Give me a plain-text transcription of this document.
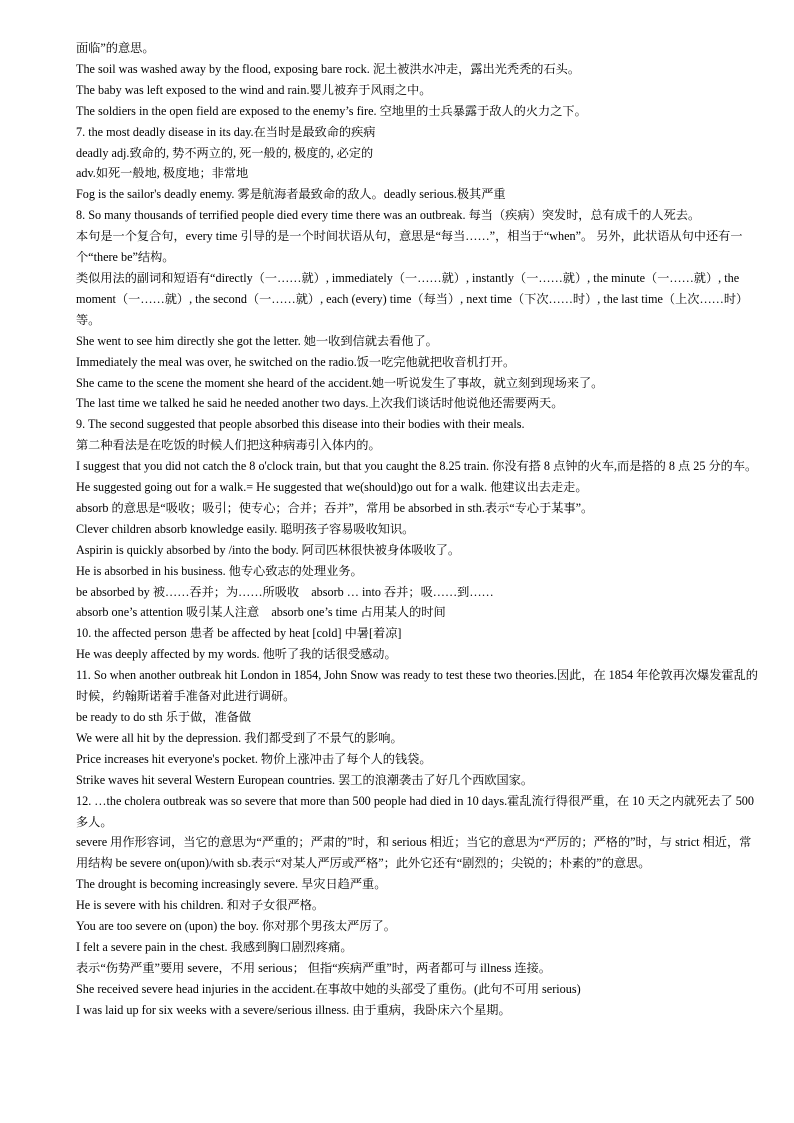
面临”的意思。

The soil was washed away by the flood, exposing bare rock. 泥土被洪水冲走，露出光秃秃的石头。

The baby was left exposed to the wind and rain.婴儿被弃于风雨之中。

The soldiers in the open field are exposed to the enemy’s fire. 空地里的士兵暴露于敌人的火力之下。

7. the most deadly disease in its day.在当时是最致命的疾病

deadly adj.致命的, 势不两立的, 死一般的, 极度的, 必定的

adv.如死一般地, 极度地；非常地

Fog is the sailor's deadly enemy. 雾是航海者最致命的敌人。deadly serious.极其严重

8. So many thousands of terrified people died every time there was an outbreak. 每当（疾病）突发时，总有成千的人死去。

本句是一个复合句，every time 引导的是一个时间状语从句，意思是“每当……”，相当于“when”。 另外，此状语从句中还有一个“there be”结构。

类似用法的副词和短语有“directly（一……就）, immediately（一……就）, instantly（一……就）, the minute（一……就）, the moment（一……就）, the second（一……就）, each (every) time（每当）, next time（下次……时）, the last time（上次……时）等。

She went to see him directly she got the letter. 她一收到信就去看他了。

Immediately the meal was over, he switched on the radio.饭一吃完他就把收音机打开。

She came to the scene the moment she heard of the accident.她一听说发生了事故，就立刻到现场来了。

The last time we talked he said he needed another two days.上次我们谈话时他说他还需要两天。

9. The second suggested that people absorbed this disease into their bodies with their meals.

第二种看法是在吃饭的时候人们把这种病毒引入体内的。

I suggest that you did not catch the 8 o'clock train, but that you caught the 8.25 train. 你没有搭 8 点钟的火车,而是搭的 8 点 25 分的车。

He suggested going out for a walk.= He suggested that we(should)go out for a walk. 他建议出去走走。

absorb 的意思是“吸收；吸引；使专心；合并；吞并”，常用 be absorbed in sth.表示“专心于某事”。

Clever children absorb knowledge easily. 聪明孩子容易吸收知识。

Aspirin is quickly absorbed by /into the body. 阿司匹林很快被身体吸收了。

He is absorbed in his business. 他专心致志的处理业务。

be absorbed by 被……吞并；为……所吸收　absorb … into 吞并；吸……到……

absorb one’s attention 吸引某人注意　absorb one’s time 占用某人的时间

10. the affected person 患者 be affected by heat [cold] 中暑[着凉]

He was deeply affected by my words. 他听了我的话很受感动。

11. So when another outbreak hit London in 1854, John Snow was ready to test these two theories.因此，在 1854 年伦敦再次爆发霍乱的时候，约翰斯诺着手准备对此进行调研。

be ready to do sth 乐于做，准备做

We were all hit by the depression. 我们都受到了不景气的影响。

Price increases hit everyone's pocket. 物价上涨冲击了每个人的钱袋。

Strike waves hit several Western European countries. 罢工的浪潮袭击了好几个西欧国家。

12. …the cholera outbreak was so severe that more than 500 people had died in 10 days.霍乱流行得很严重，在 10 天之内就死去了 500 多人。

severe 用作形容词，当它的意思为“严重的；严肃的”时，和 serious 相近；当它的意思为“严厉的；严格的”时，与 strict 相近，常用结构 be severe on(upon)/with sb.表示“对某人严厉或严格”；此外它还有“剧烈的；尖锐的；朴素的”的意思。

The drought is becoming increasingly severe. 旱灾日趋严重。

He is severe with his children. 和对子女很严格。

You are too severe on (upon) the boy. 你对那个男孩太严厉了。

I felt a severe pain in the chest. 我感到胸口剧烈疼痛。

表示“伤势严重”要用 severe，不用 serious； 但指“疾病严重”时，两者都可与 illness 连接。

She received severe head injuries in the accident.在事故中她的头部受了重伤。(此句不可用 serious)

I was laid up for six weeks with a severe/serious illness. 由于重病，我卧床六个星期。
